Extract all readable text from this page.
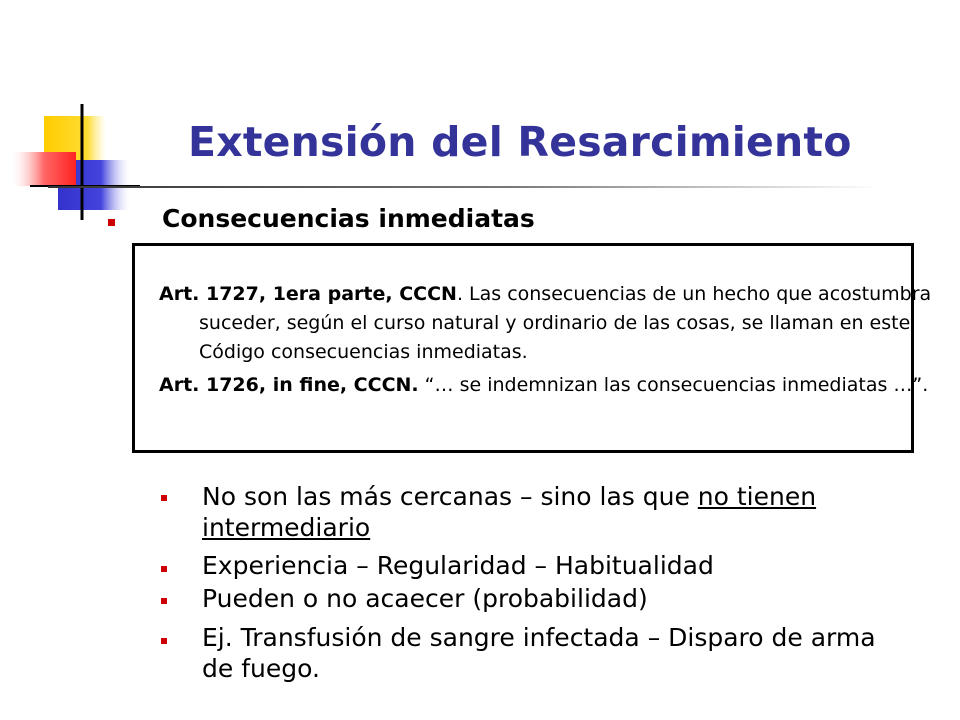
Extensión del Resarcimiento
Consecuencias inmediatas
Art. 1727, 1era parte, CCCN. Las consecuencias de un hecho que acostumbra suceder, según el curso natural y ordinario de las cosas, se llaman en este Código consecuencias inmediatas.
Art. 1726, in fine, CCCN. “… se indemnizan las consecuencias inmediatas …”.
No son las más cercanas – sino las que no tienen intermediario
Experiencia – Regularidad – Habitualidad
Pueden o no acaecer (probabilidad)
Ej. Transfusión de sangre infectada – Disparo de arma de fuego.
